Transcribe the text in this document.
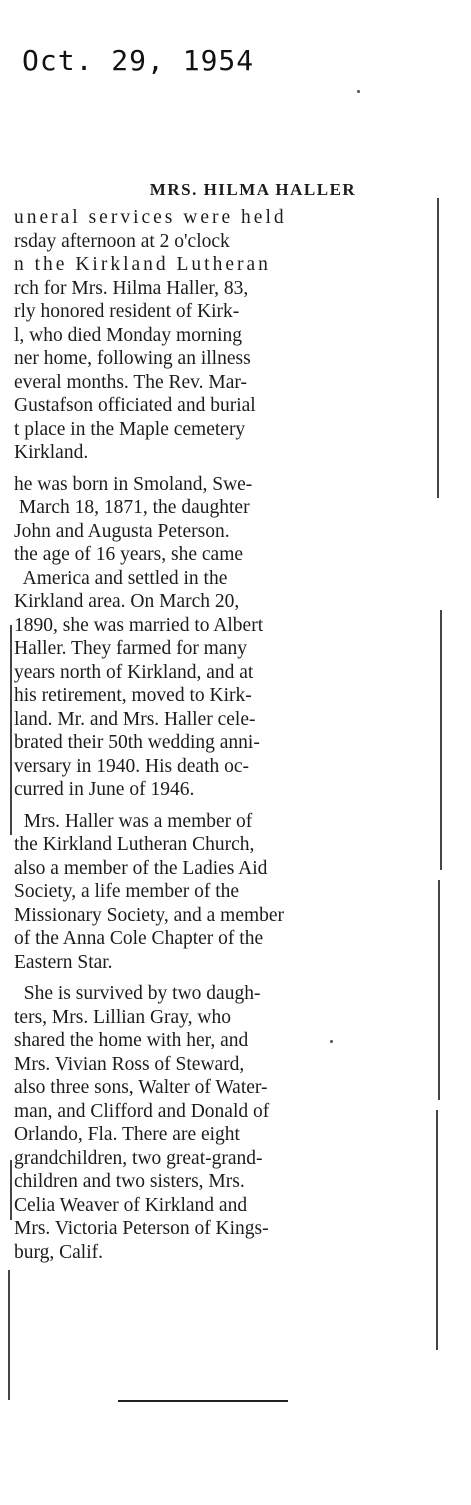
Oct. 29, 1954
MRS. HILMA HALLER
uneral services were held
rsday afternoon at 2 o'clock
n the Kirkland Lutheran
rch for Mrs. Hilma Haller, 83,
rly honored resident of Kirk-
l, who died Monday morning
ner home, following an illness
everal months. The Rev. Mar-
Gustafson officiated and burial
t place in the Maple cemetery
Kirkland.
he was born in Smoland, Swe-
March 18, 1871, the daughter
John and Augusta Peterson.
the age of 16 years, she came
America and settled in the
Kirkland area. On March 20,
1890, she was married to Albert
Haller. They farmed for many
years north of Kirkland, and at
his retirement, moved to Kirk-
land. Mr. and Mrs. Haller cele-
brated their 50th wedding anni-
versary in 1940. His death oc-
curred in June of 1946.
Mrs. Haller was a member of
the Kirkland Lutheran Church,
also a member of the Ladies Aid
Society, a life member of the
Missionary Society, and a member
of the Anna Cole Chapter of the
Eastern Star.
She is survived by two daugh-
ters, Mrs. Lillian Gray, who
shared the home with her, and
Mrs. Vivian Ross of Steward,
also three sons, Walter of Water-
man, and Clifford and Donald of
Orlando, Fla. There are eight
grandchildren, two great-grand-
children and two sisters, Mrs.
Celia Weaver of Kirkland and
Mrs. Victoria Peterson of Kings-
burg, Calif.
